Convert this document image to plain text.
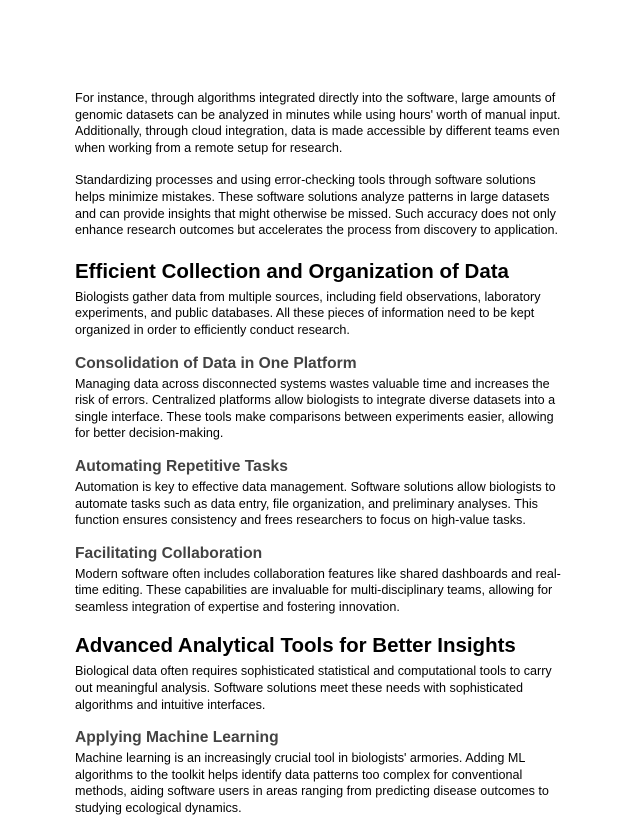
For instance, through algorithms integrated directly into the software, large amounts of genomic datasets can be analyzed in minutes while using hours' worth of manual input. Additionally, through cloud integration, data is made accessible by different teams even when working from a remote setup for research.

Standardizing processes and using error-checking tools through software solutions helps minimize mistakes. These software solutions analyze patterns in large datasets and can provide insights that might otherwise be missed. Such accuracy does not only enhance research outcomes but accelerates the process from discovery to application.

Efficient Collection and Organization of Data

Biologists gather data from multiple sources, including field observations, laboratory experiments, and public databases. All these pieces of information need to be kept organized in order to efficiently conduct research.

Consolidation of Data in One Platform

Managing data across disconnected systems wastes valuable time and increases the risk of errors. Centralized platforms allow biologists to integrate diverse datasets into a single interface. These tools make comparisons between experiments easier, allowing for better decision-making.

Automating Repetitive Tasks

Automation is key to effective data management. Software solutions allow biologists to automate tasks such as data entry, file organization, and preliminary analyses. This function ensures consistency and frees researchers to focus on high-value tasks.

Facilitating Collaboration

Modern software often includes collaboration features like shared dashboards and real-time editing. These capabilities are invaluable for multi-disciplinary teams, allowing for seamless integration of expertise and fostering innovation.

Advanced Analytical Tools for Better Insights

Biological data often requires sophisticated statistical and computational tools to carry out meaningful analysis. Software solutions meet these needs with sophisticated algorithms and intuitive interfaces.

Applying Machine Learning

Machine learning is an increasingly crucial tool in biologists' armories. Adding ML algorithms to the toolkit helps identify data patterns too complex for conventional methods, aiding software users in areas ranging from predicting disease outcomes to studying ecological dynamics.
